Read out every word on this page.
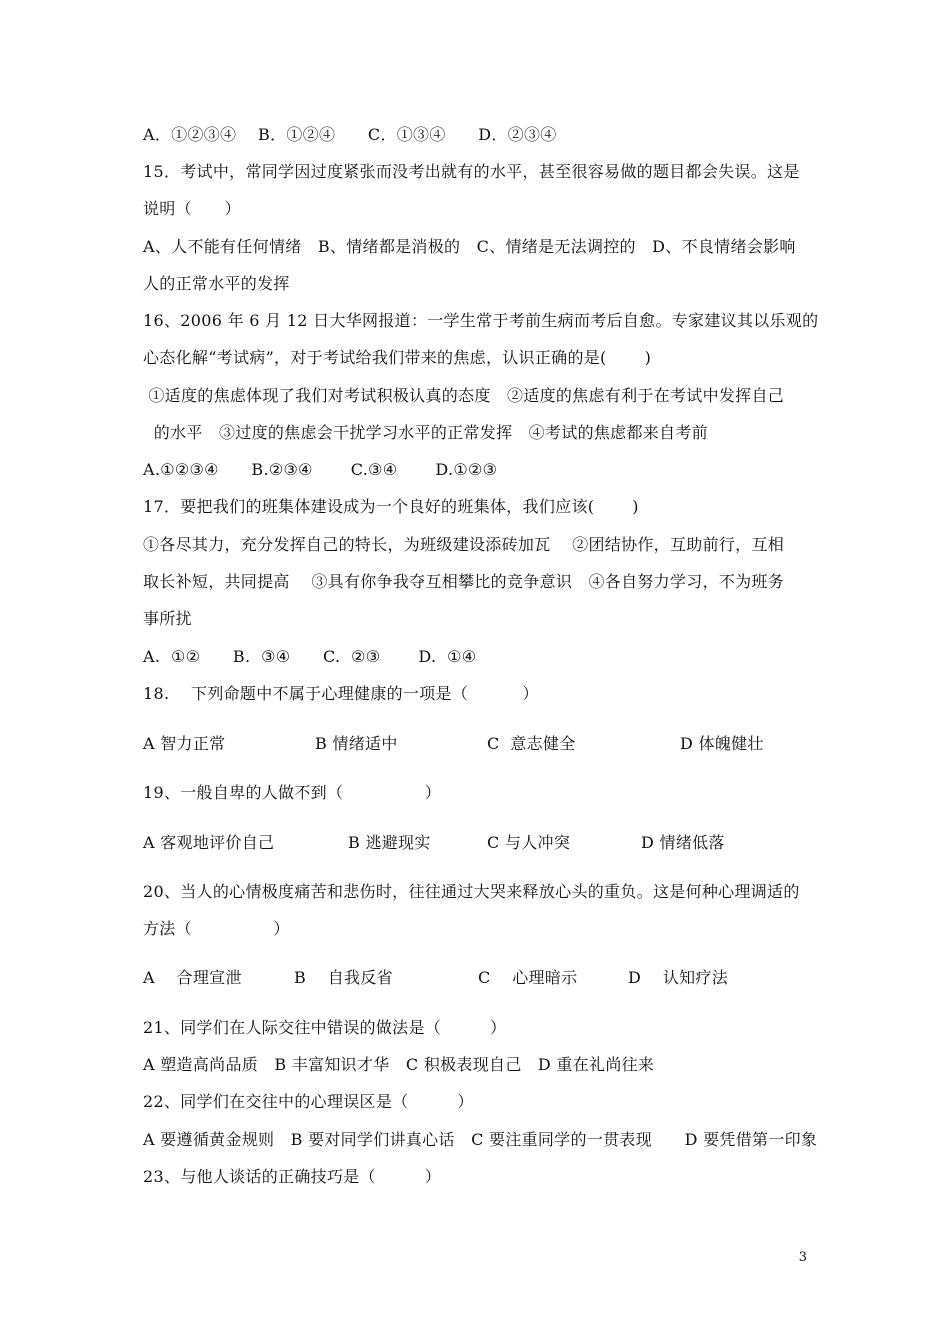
A．①②③④　 B．①②④　　C．①③④　　D．②③④
15．考试中，常同学因过度紧张而没考出就有的水平，甚至很容易做的题目都会失误。这是
说明（　　）
A、人不能有任何情绪　B、情绪都是消极的　C、情绪是无法调控的　D、不良情绪会影响
人的正常水平的发挥
16、2006 年 6 月 12 日大华网报道：一学生常于考前生病而考后自愈。专家建议其以乐观的
心态化解“考试病”，对于考试给我们带来的焦虑，认识正确的是(　　 )
①适度的焦虑体现了我们对考试积极认真的态度　②适度的焦虑有利于在考试中发挥自己
的水平　③过度的焦虑会干扰学习水平的正常发挥　④考试的焦虑都来自考前
A.①②③④　　B.②③④　　 C.③④　　 D.①②③
17．要把我们的班集体建设成为一个良好的班集体，我们应该(　　 )
①各尽其力，充分发挥自己的特长，为班级建设添砖加瓦　 ②团结协作，互助前行，互相
取长补短，共同提高　 ③具有你争我夺互相攀比的竞争意识　④各自努力学习，不为班务
事所扰
A.  ①②　　B.  ③④　　C.  ②③　　 D.  ①④
18.　 下列命题中不属于心理健康的一项是（　　　 ）

A 智力正常

	B 情绪适中

	C  意志健全

	D 体魄健壮

19、一般自卑的人做不到（　　　　　）

A 客观地评价自己

	B 逃避现实

	C 与人冲突

	D 情绪低落

20、当人的心情极度痛苦和悲伤时，往往通过大哭来释放心头的重负。这是何种心理调适的
方法（　　　　　）

A　 合理宣泄

	B　 自我反省

	C　 心理暗示

	D　 认知疗法

21、同学们在人际交往中错误的做法是（　　　）
A 塑造高尚品质　B 丰富知识才华　C 积极表现自己　D 重在礼尚往来
22、同学们在交往中的心理误区是（　　　）
A 要遵循黄金规则　B 要对同学们讲真心话　C 要注重同学的一贯表现　　D 要凭借第一印象
23、与他人谈话的正确技巧是（　　　）
3
